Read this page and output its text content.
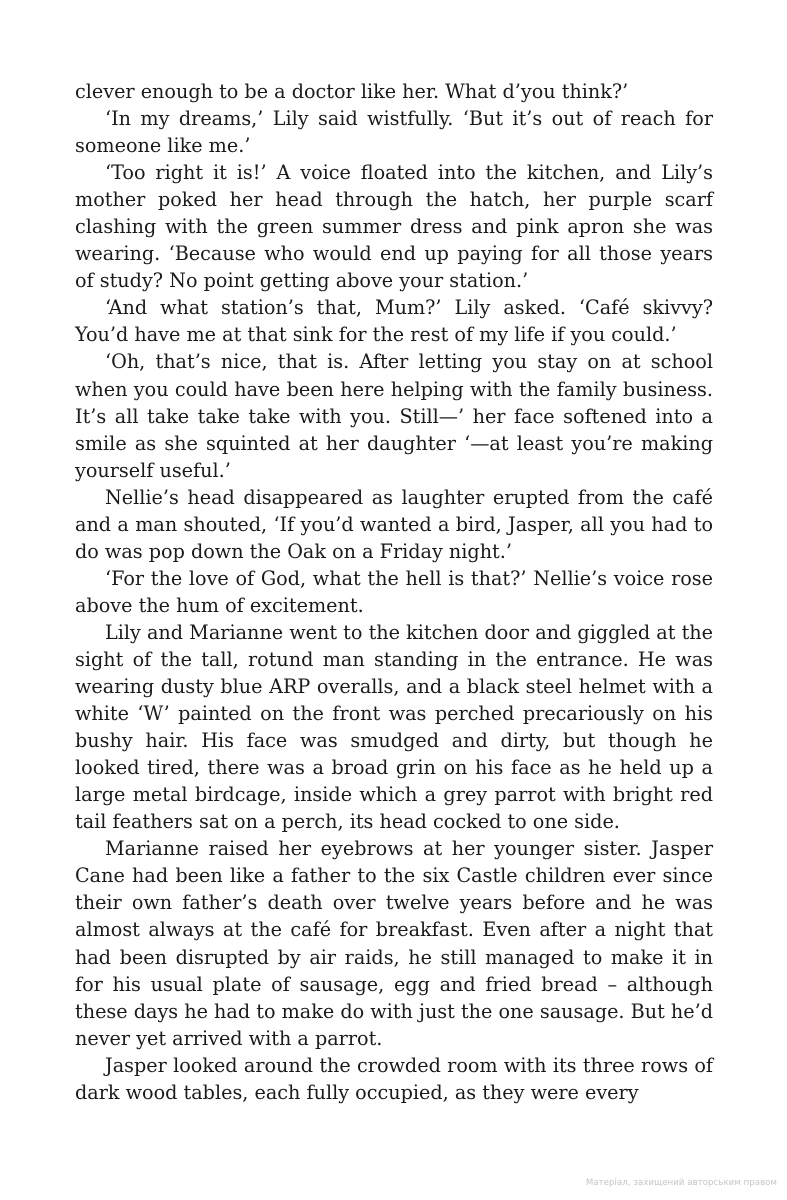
clever enough to be a doctor like her. What d’you think?’

‘In my dreams,’ Lily said wistfully. ‘But it’s out of reach for someone like me.’

‘Too right it is!’ A voice floated into the kitchen, and Lily’s mother poked her head through the hatch, her purple scarf clashing with the green summer dress and pink apron she was wearing. ‘Because who would end up paying for all those years of study? No point getting above your station.’

‘And what station’s that, Mum?’ Lily asked. ‘Café skivvy? You’d have me at that sink for the rest of my life if you could.’

‘Oh, that’s nice, that is. After letting you stay on at school when you could have been here helping with the family business. It’s all take take take with you. Still—’ her face softened into a smile as she squinted at her daughter ‘—at least you’re making yourself useful.’

Nellie’s head disappeared as laughter erupted from the café and a man shouted, ‘If you’d wanted a bird, Jasper, all you had to do was pop down the Oak on a Friday night.’

‘For the love of God, what the hell is that?’ Nellie’s voice rose above the hum of excitement.

Lily and Marianne went to the kitchen door and giggled at the sight of the tall, rotund man standing in the entrance. He was wearing dusty blue ARP overalls, and a black steel helmet with a white ‘W’ painted on the front was perched precariously on his bushy hair. His face was smudged and dirty, but though he looked tired, there was a broad grin on his face as he held up a large metal birdcage, inside which a grey parrot with bright red tail feathers sat on a perch, its head cocked to one side.

Marianne raised her eyebrows at her younger sister. Jasper Cane had been like a father to the six Castle children ever since their own father’s death over twelve years before and he was almost always at the café for breakfast. Even after a night that had been disrupted by air raids, he still managed to make it in for his usual plate of sausage, egg and fried bread – although these days he had to make do with just the one sausage. But he’d never yet arrived with a parrot.

Jasper looked around the crowded room with its three rows of dark wood tables, each fully occupied, as they were every

Матеріал, захищений авторським правом
